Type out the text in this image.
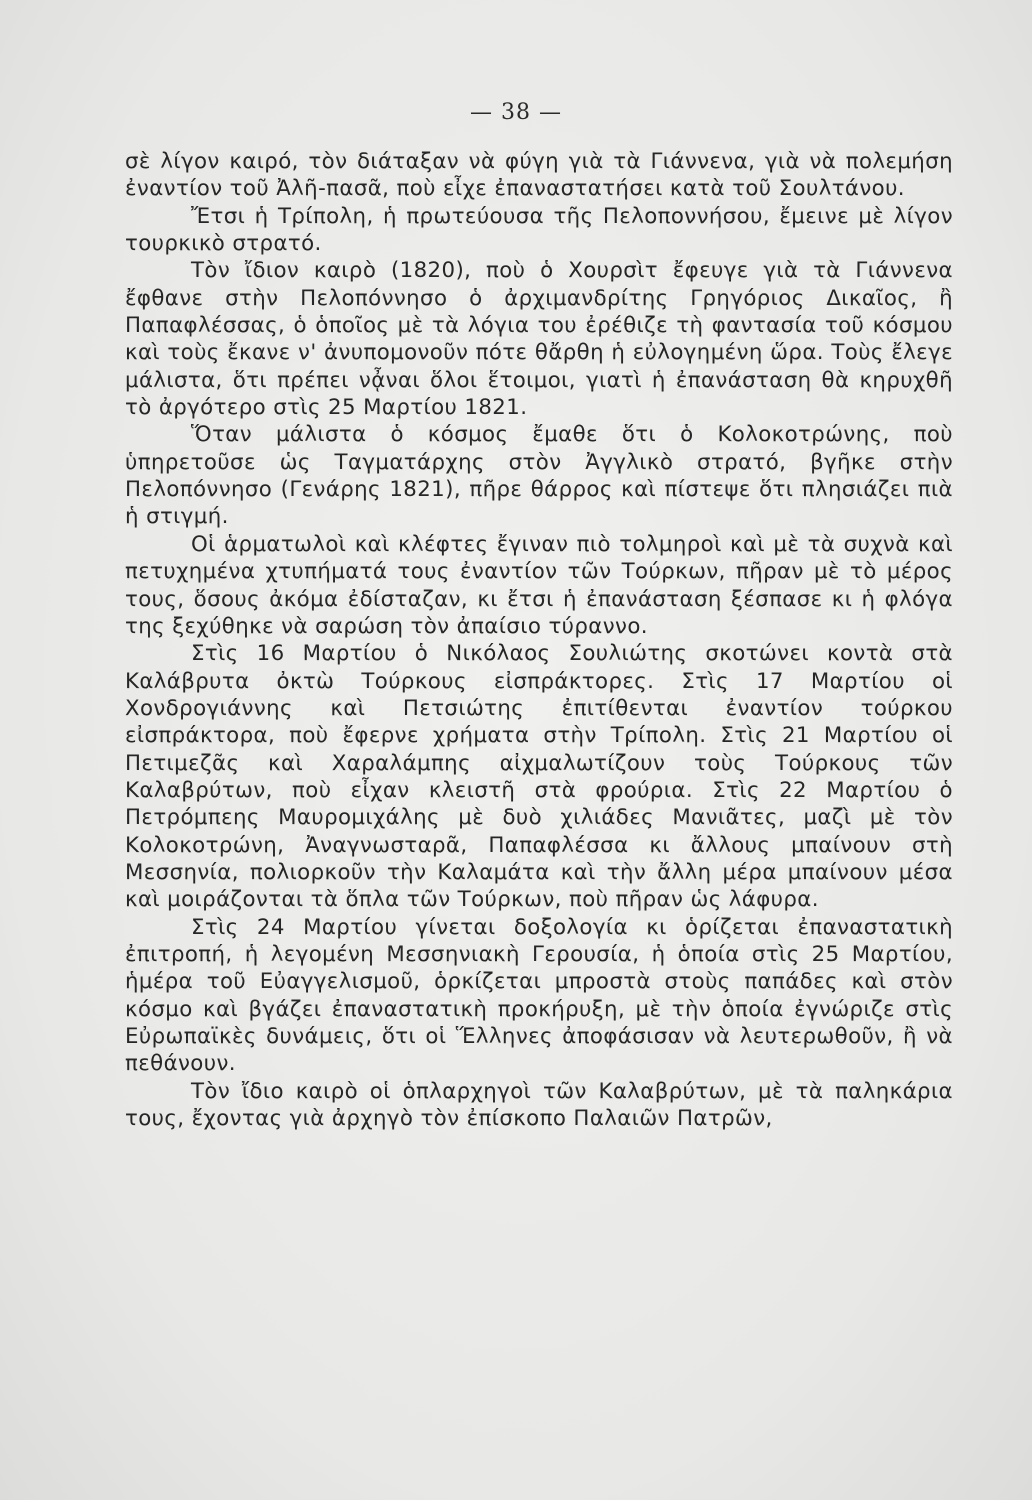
— 38 —

σὲ λίγον καιρό, τὸν διάταξαν νὰ φύγη γιὰ τὰ Γιάννενα, γιὰ νὰ πολεμήση ἐναντίον τοῦ Ἀλῆ-πασᾶ, ποὺ εἶχε ἐπαναστατήσει κατὰ τοῦ Σουλτάνου.

Ἔτσι ἡ Τρίπολη, ἡ πρωτεύουσα τῆς Πελοποννήσου, ἔμεινε μὲ λίγον τουρκικὸ στρατό.

Τὸν ἴδιον καιρὸ (1820), ποὺ ὁ Χουρσὶτ ἔφευγε γιὰ τὰ Γιάννενα ἔφθανε στὴν Πελοπόννησο ὁ ἀρχιμανδρίτης Γρηγόριος Δικαῖος, ἢ Παπαφλέσσας, ὁ ὁποῖος μὲ τὰ λόγια του ἐρέθιζε τὴ φαντασία τοῦ κόσμου καὶ τοὺς ἔκανε ν' ἀνυπομονοῦν πότε θἄρθη ἡ εὐλογημένη ὥρα. Τοὺς ἔλεγε μάλιστα, ὅτι πρέπει νᾆναι ὅλοι ἕτοιμοι, γιατὶ ἡ ἐπανάσταση θὰ κηρυχθῆ τὸ ἀργότερο στὶς 25 Μαρτίου 1821.

Ὅταν μάλιστα ὁ κόσμος ἔμαθε ὅτι ὁ Κολοκοτρώνης, ποὺ ὑπηρετοῦσε ὡς Ταγματάρχης στὸν Ἀγγλικὸ στρατό, βγῆκε στὴν Πελοπόννησο (Γενάρης 1821), πῆρε θάρρος καὶ πίστεψε ὅτι πλησιάζει πιὰ ἡ στιγμή.

Οἱ ἁρματωλοὶ καὶ κλέφτες ἔγιναν πιὸ τολμηροὶ καὶ μὲ τὰ συχνὰ καὶ πετυχημένα χτυπήματά τους ἐναντίον τῶν Τούρκων, πῆραν μὲ τὸ μέρος τους, ὅσους ἀκόμα ἐδίσταζαν, κι ἔτσι ἡ ἐπανάσταση ξέσπασε κι ἡ φλόγα της ξεχύθηκε νὰ σαρώση τὸν ἀπαίσιο τύραννο.

Στὶς 16 Μαρτίου ὁ Νικόλαος Σουλιώτης σκοτώνει κοντὰ στὰ Καλάβρυτα ὀκτὼ Τούρκους εἰσπράκτορες. Στὶς 17 Μαρτίου οἱ Χονδρογιάννης καὶ Πετσιώτης ἐπιτίθενται ἐναντίον τούρκου εἰσπράκτορα, ποὺ ἔφερνε χρήματα στὴν Τρίπολη. Στὶς 21 Μαρτίου οἱ Πετιμεζᾶς καὶ Χαραλάμπης αἰχμαλωτίζουν τοὺς Τούρκους τῶν Καλαβρύτων, ποὺ εἶχαν κλειστῆ στὰ φρούρια. Στὶς 22 Μαρτίου ὁ Πετρόμπεης Μαυρομιχάλης μὲ δυὸ χιλιάδες Μανιᾶτες, μαζὶ μὲ τὸν Κολοκοτρώνη, Ἀναγνωσταρᾶ, Παπαφλέσσα κι ἄλλους μπαίνουν στὴ Μεσσηνία, πολιορκοῦν τὴν Καλαμάτα καὶ τὴν ἄλλη μέρα μπαίνουν μέσα καὶ μοιράζονται τὰ ὅπλα τῶν Τούρκων, ποὺ πῆραν ὡς λάφυρα.

Στὶς 24 Μαρτίου γίνεται δοξολογία κι ὁρίζεται ἐπαναστατικὴ ἐπιτροπή, ἡ λεγομένη Μεσσηνιακὴ Γερουσία, ἡ ὁποία στὶς 25 Μαρτίου, ἡμέρα τοῦ Εὐαγγελισμοῦ, ὁρκίζεται μπροστὰ στοὺς παπάδες καὶ στὸν κόσμο καὶ βγάζει ἐπαναστατικὴ προκήρυξη, μὲ τὴν ὁποία ἐγνώριζε στὶς Εὐρωπαϊκὲς δυνάμεις, ὅτι οἱ Ἕλληνες ἀποφάσισαν νὰ λευτερωθοῦν, ἢ νὰ πεθάνουν.

Τὸν ἴδιο καιρὸ οἱ ὁπλαρχηγοὶ τῶν Καλαβρύτων, μὲ τὰ παληκάρια τους, ἔχοντας γιὰ ἀρχηγὸ τὸν ἐπίσκοπο Παλαιῶν Πατρῶν,
